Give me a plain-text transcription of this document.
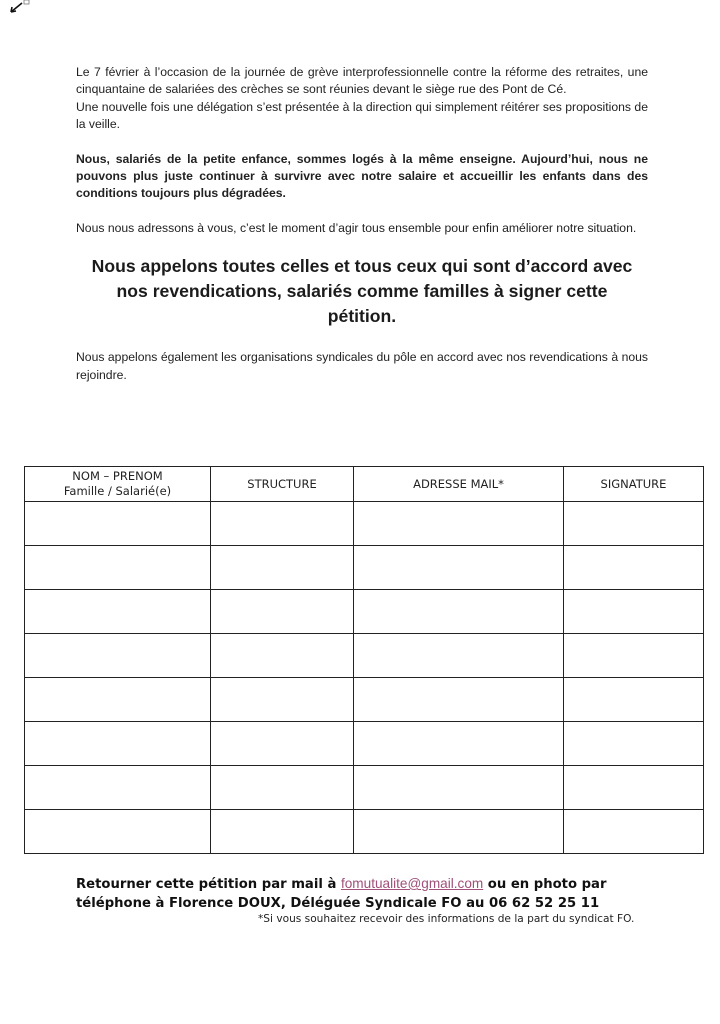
Le 7 février à l’occasion de la journée de grève interprofessionnelle contre la réforme des retraites, une cinquantaine de salariées des crèches se sont réunies devant le siège rue des Pont de Cé.

Une nouvelle fois une délégation s’est présentée à la direction qui simplement réitérer ses propositions de la veille.

Nous, salariés de la petite enfance, sommes logés à la même enseigne. Aujourd’hui, nous ne pouvons plus juste continuer à survivre avec notre salaire et accueillir les enfants dans des conditions toujours plus dégradées.

Nous nous adressons à vous, c’est le moment d’agir tous ensemble pour enfin améliorer notre situation.

Nous appelons toutes celles et tous ceux qui sont d’accord avec nos revendications, salariés comme familles à signer cette pétition.

Nous appelons également les organisations syndicales du pôle en accord avec nos revendications à nous rejoindre.

NOM – PRENOM
Famille / Salarié(e)	STRUCTURE	ADRESSE MAIL*	SIGNATURE

Retourner cette pétition par mail à fomutualite@gmail.com ou en photo par téléphone à Florence DOUX, Déléguée Syndicale FO au 06 62 52 25 11
*Si vous souhaitez recevoir des informations de la part du syndicat FO.
